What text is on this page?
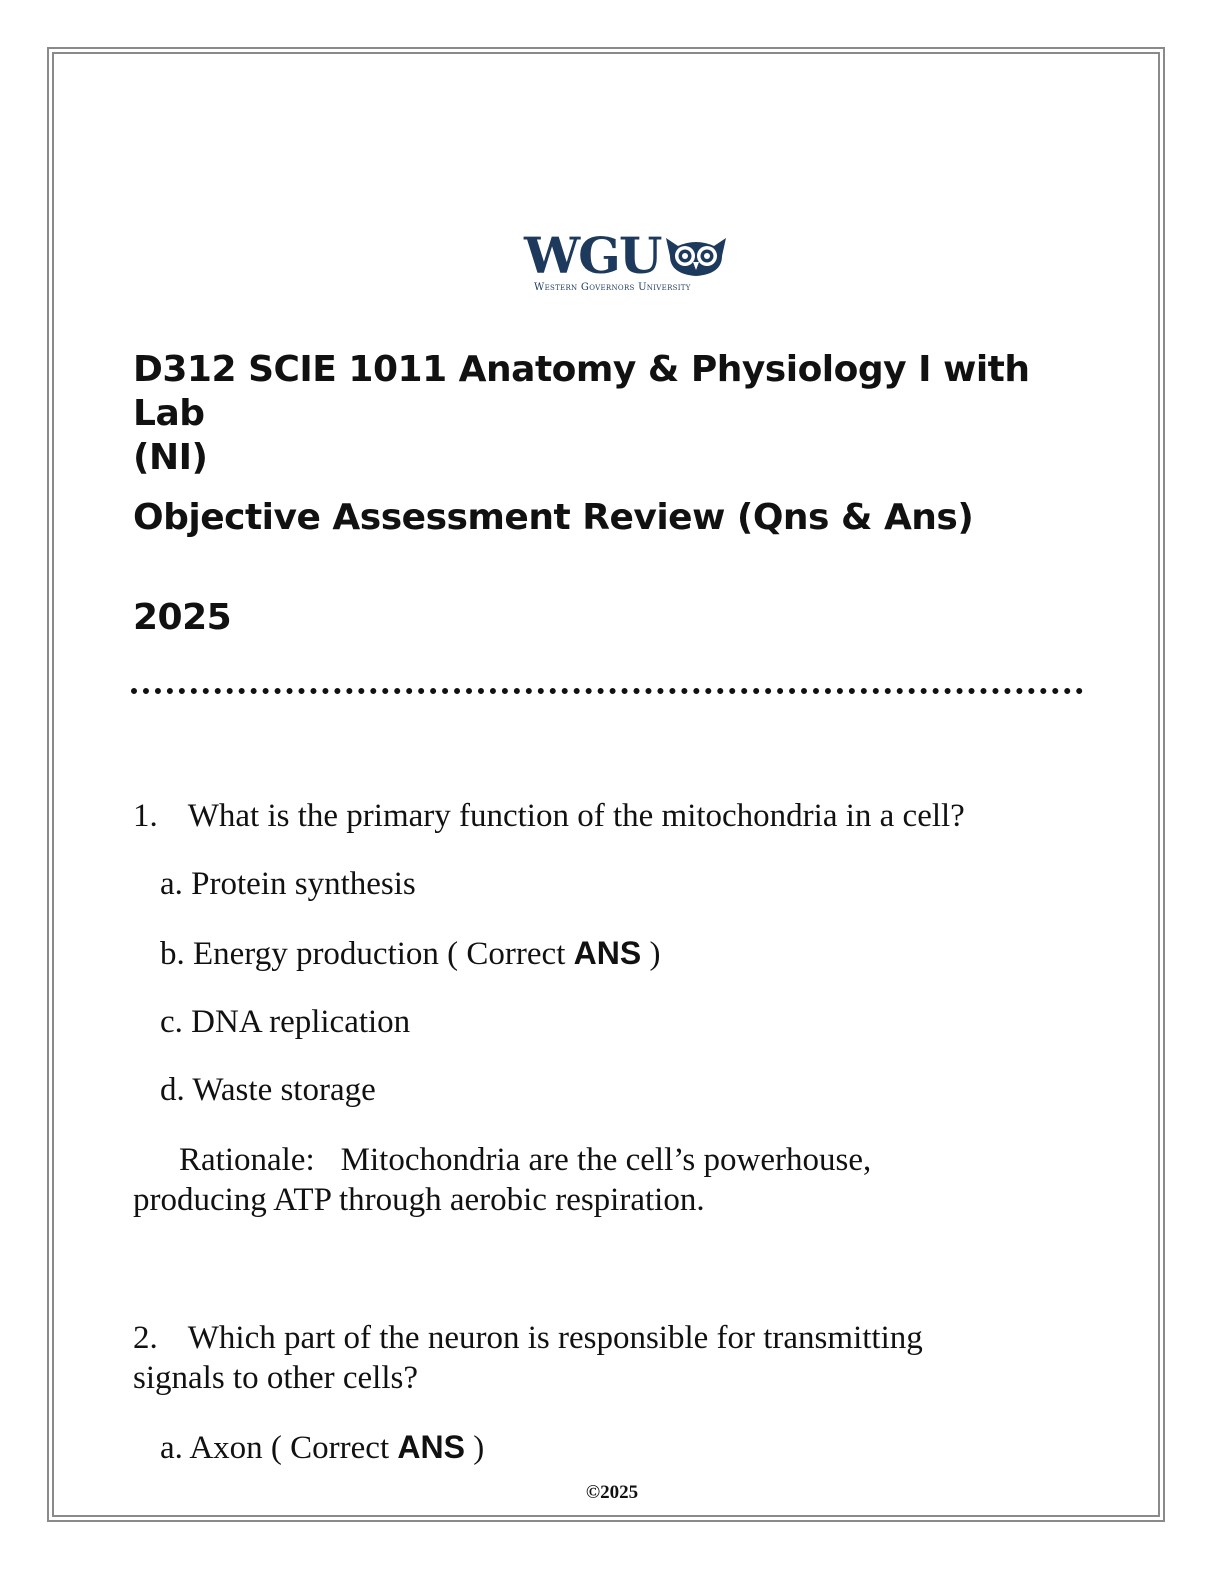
WGU
Western Governors University
D312 SCIE 1011 Anatomy & Physiology I with Lab
(NI)
Objective Assessment Review (Qns & Ans)
2025
1. What is the primary function of the mitochondria in a cell?
a. Protein synthesis
b. Energy production ( Correct ANS )
c. DNA replication
d. Waste storage
Rationale: Mitochondria are the cell’s powerhouse,
producing ATP through aerobic respiration.
2. Which part of the neuron is responsible for transmitting
signals to other cells?
a. Axon ( Correct ANS )
©2025
